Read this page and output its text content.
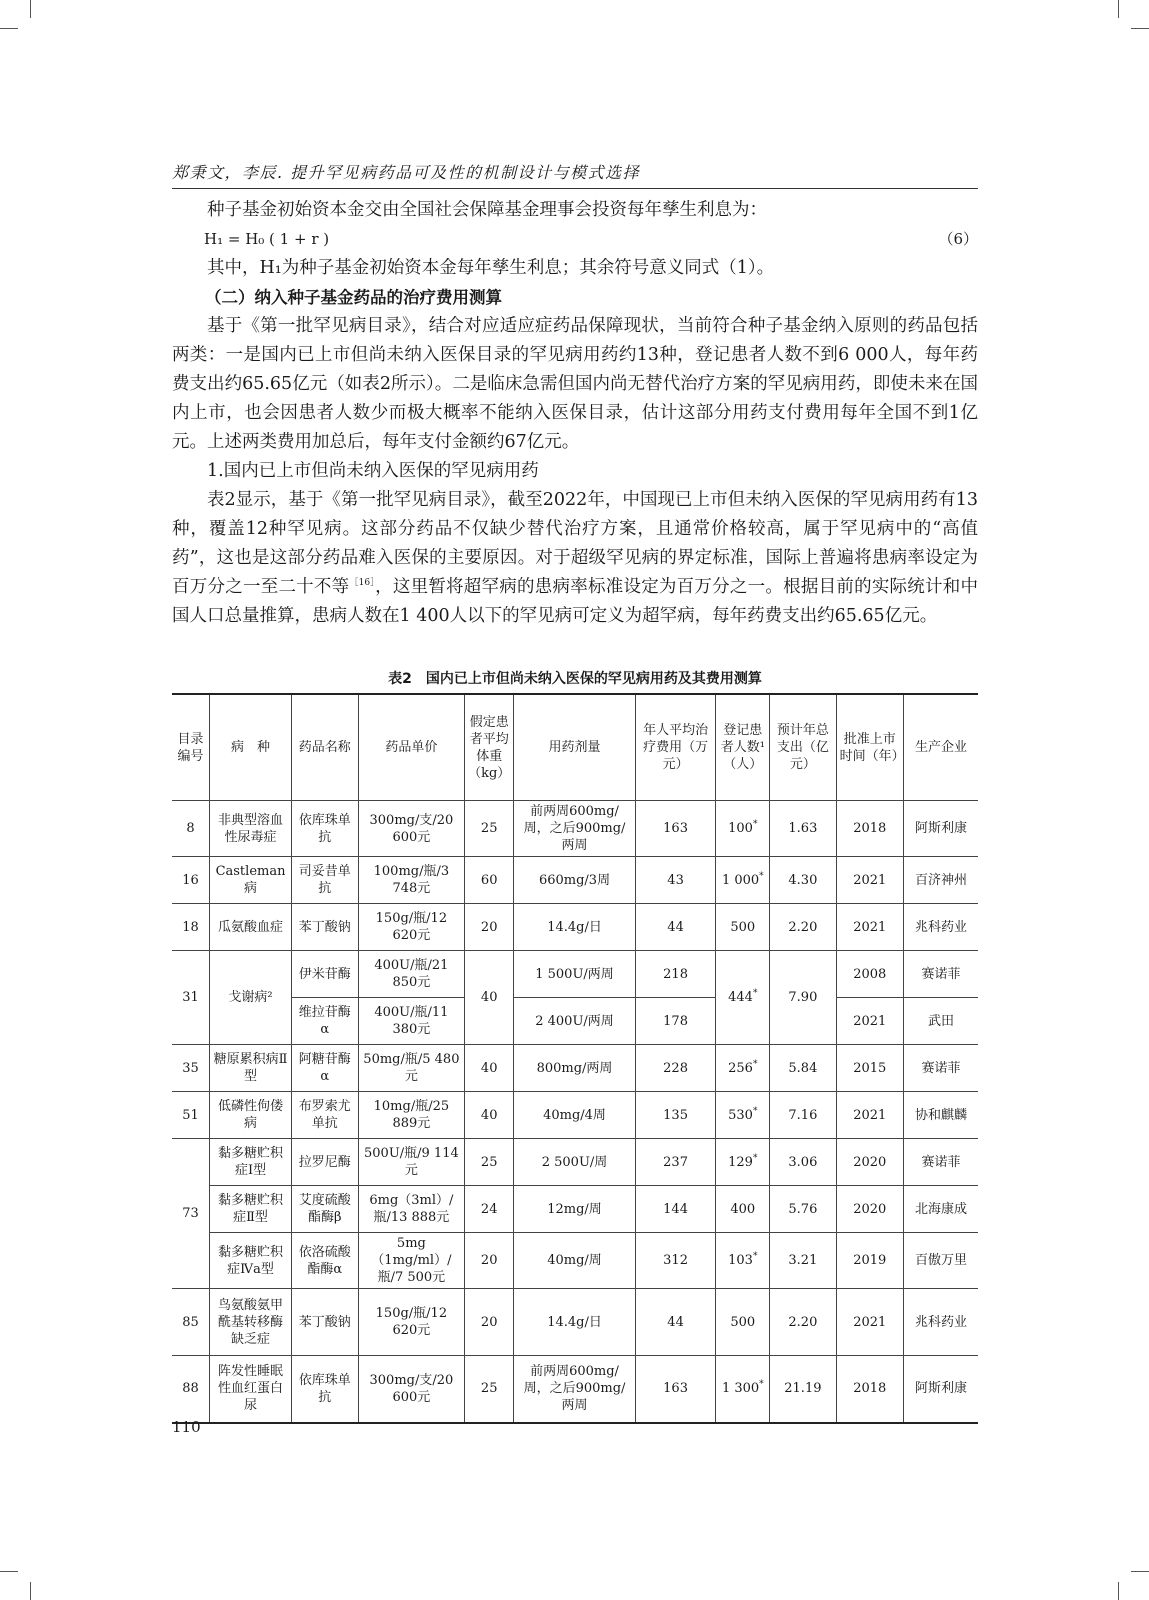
郑秉文，李辰. 提升罕见病药品可及性的机制设计与模式选择

种子基金初始资本金交由全国社会保障基金理事会投资每年孳生利息为：

H₁ = H₀ ( 1 + r )	（6）

其中，H₁为种子基金初始资本金每年孳生利息；其余符号意义同式（1）。

（二）纳入种子基金药品的治疗费用测算

基于《第一批罕见病目录》，结合对应适应症药品保障现状，当前符合种子基金纳入原则的药品包括两类：一是国内已上市但尚未纳入医保目录的罕见病用药约13种，登记患者人数不到6 000人，每年药费支出约65.65亿元（如表2所示）。二是临床急需但国内尚无替代治疗方案的罕见病用药，即使未来在国内上市，也会因患者人数少而极大概率不能纳入医保目录，估计这部分用药支付费用每年全国不到1亿元。上述两类费用加总后，每年支付金额约67亿元。

1.国内已上市但尚未纳入医保的罕见病用药

表2显示，基于《第一批罕见病目录》，截至2022年，中国现已上市但未纳入医保的罕见病用药有13种，覆盖12种罕见病。这部分药品不仅缺少替代治疗方案，且通常价格较高，属于罕见病中的“高值药”，这也是这部分药品难入医保的主要原因。对于超级罕见病的界定标准，国际上普遍将患病率设定为百万分之一至二十不等$^{[16]}$，这里暂将超罕病的患病率标准设定为百万分之一。根据目前的实际统计和中国人口总量推算，患病人数在1 400人以下的罕见病可定义为超罕病，每年药费支出约65.65亿元。

表2　国内已上市但尚未纳入医保的罕见病用药及其费用测算
目录编号	病　种	药品名称	药品单价	假定患者平均体重（kg）	用药剂量	年人平均治疗费用（万元）	登记患者人数¹（人）	预计年总支出（亿元）	批准上市时间（年）	生产企业
8	非典型溶血性尿毒症	依库珠单抗	300mg/支/20 600元	25	前两周600mg/周，之后900mg/两周	163	100*	1.63	2018	阿斯利康
16	Castleman病	司妥昔单抗	100mg/瓶/3 748元	60	660mg/3周	43	1 000*	4.30	2021	百济神州
18	瓜氨酸血症	苯丁酸钠	150g/瓶/12 620元	20	14.4g/日	44	500	2.20	2021	兆科药业
31	戈谢病²	伊米苷酶	400U/瓶/21 850元	40	1 500U/两周	218	444*	7.90	2008	赛诺菲
		维拉苷酶α	400U/瓶/11 380元		2 400U/两周	178			2021	武田
35	糖原累积病Ⅱ型	阿糖苷酶α	50mg/瓶/5 480元	40	800mg/两周	228	256*	5.84	2015	赛诺菲
51	低磷性佝偻病	布罗索尤单抗	10mg/瓶/25 889元	40	40mg/4周	135	530*	7.16	2021	协和麒麟
73	黏多糖贮积症Ⅰ型	拉罗尼酶	500U/瓶/9 114元	25	2 500U/周	237	129*	3.06	2020	赛诺菲
	黏多糖贮积症Ⅱ型	艾度硫酸酯酶β	6mg（3ml）/瓶/13 888元	24	12mg/周	144	400	5.76	2020	北海康成
	黏多糖贮积症Ⅳa型	依洛硫酸酯酶α	5mg（1mg/ml）/瓶/7 500元	20	40mg/周	312	103*	3.21	2019	百傲万里
85	鸟氨酸氨甲酰基转移酶缺乏症	苯丁酸钠	150g/瓶/12 620元	20	14.4g/日	44	500	2.20	2021	兆科药业
88	阵发性睡眠性血红蛋白尿	依库珠单抗	300mg/支/20 600元	25	前两周600mg/周，之后900mg/两周	163	1 300*	21.19	2018	阿斯利康
110
